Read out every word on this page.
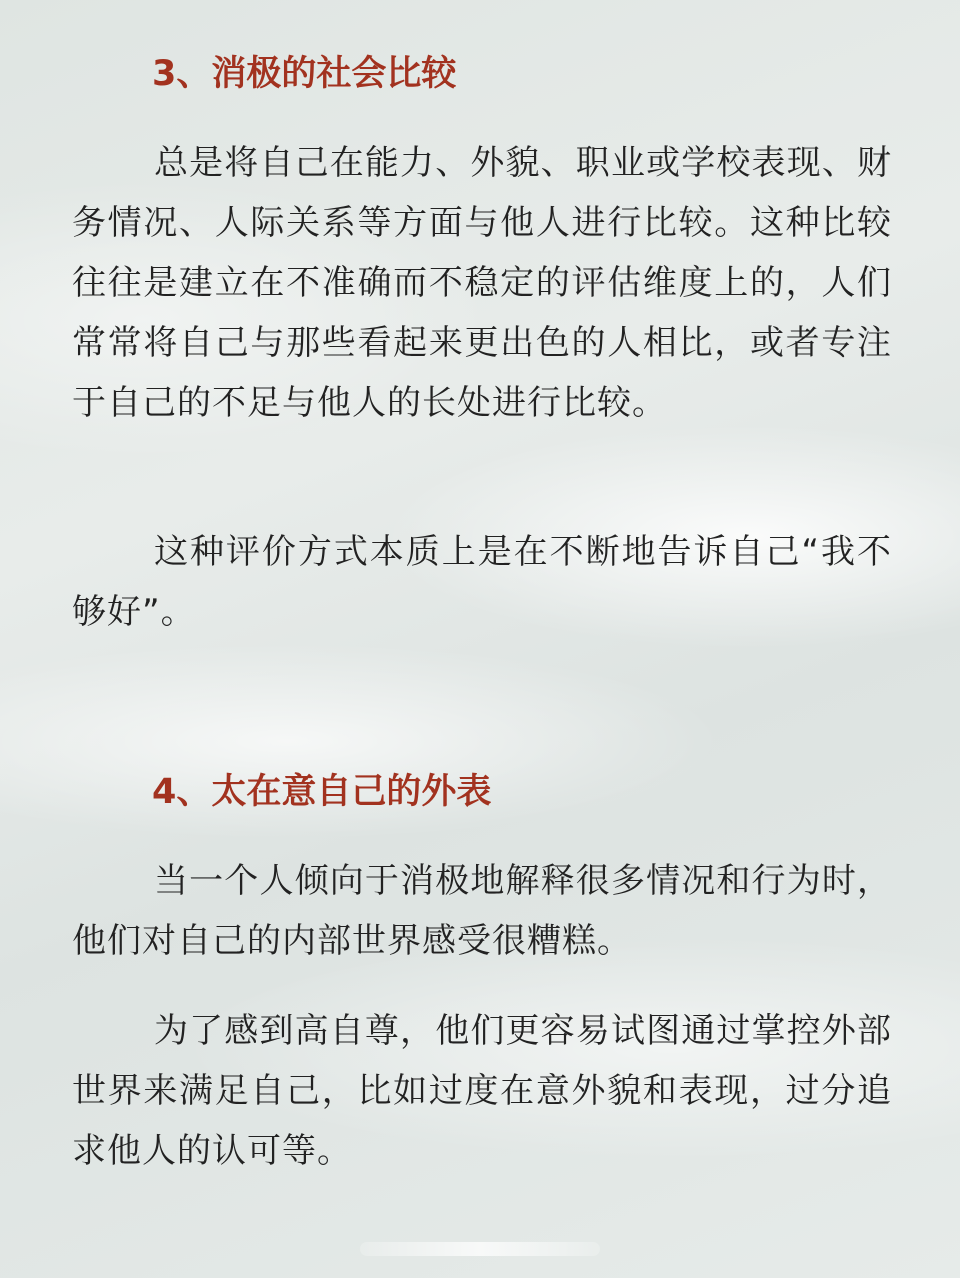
3、消极的社会比较

总是将自己在能力、外貌、职业或学校表现、财务情况、人际关系等方面与他人进行比较。这种比较往往是建立在不准确而不稳定的评估维度上的，人们常常将自己与那些看起来更出色的人相比，或者专注于自己的不足与他人的长处进行比较。

这种评价方式本质上是在不断地告诉自己“我不够好”。

4、太在意自己的外表

当一个人倾向于消极地解释很多情况和行为时，他们对自己的内部世界感受很糟糕。

为了感到高自尊，他们更容易试图通过掌控外部世界来满足自己，比如过度在意外貌和表现，过分追求他人的认可等。
